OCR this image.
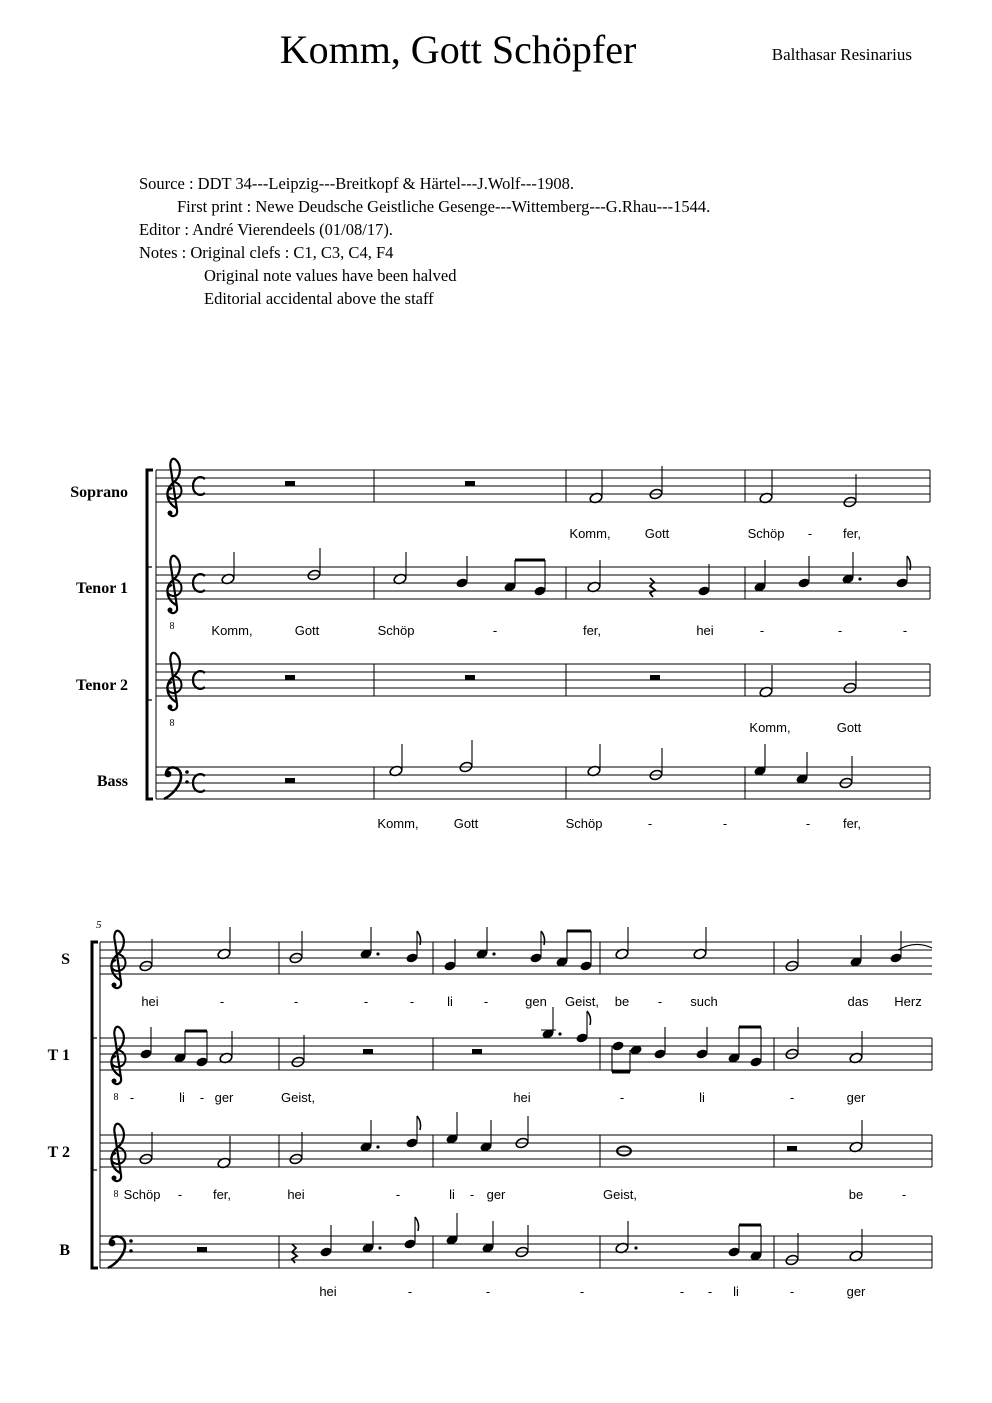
Komm, Gott Schöpfer	Balthasar Resinarius
Source : DDT 34---Leipzig---Breitkopf & Härtel---J.Wolf---1908.
First print : Newe Deudsche Geistliche Gesenge---Wittemberg---G.Rhau---1544.
Editor : André Vierendeels (01/08/17).
Notes : Original clefs : C1, C3, C4, F4
Original note values have been halved
Editorial accidental above the staff
Soprano
Tenor 1
Tenor 2
Bass
8
8
Komm,	Gott	Schöp - fer,
Komm,	Gott	Schöp	-	fer,	hei	-	-	-
Komm,	Gott
Komm,	Gott	Schöp	-	-	-	fer,
5
S
T 1
T 2
B
8
8
hei	-	-	-	-	li -	gen Geist, be - such	das Herz
-	li - ger	Geist,	hei	-	li	-	ger
Schöp - fer,	hei	-	li - ger	Geist,	be	-
hei	-	-	-	- - li	-	ger
